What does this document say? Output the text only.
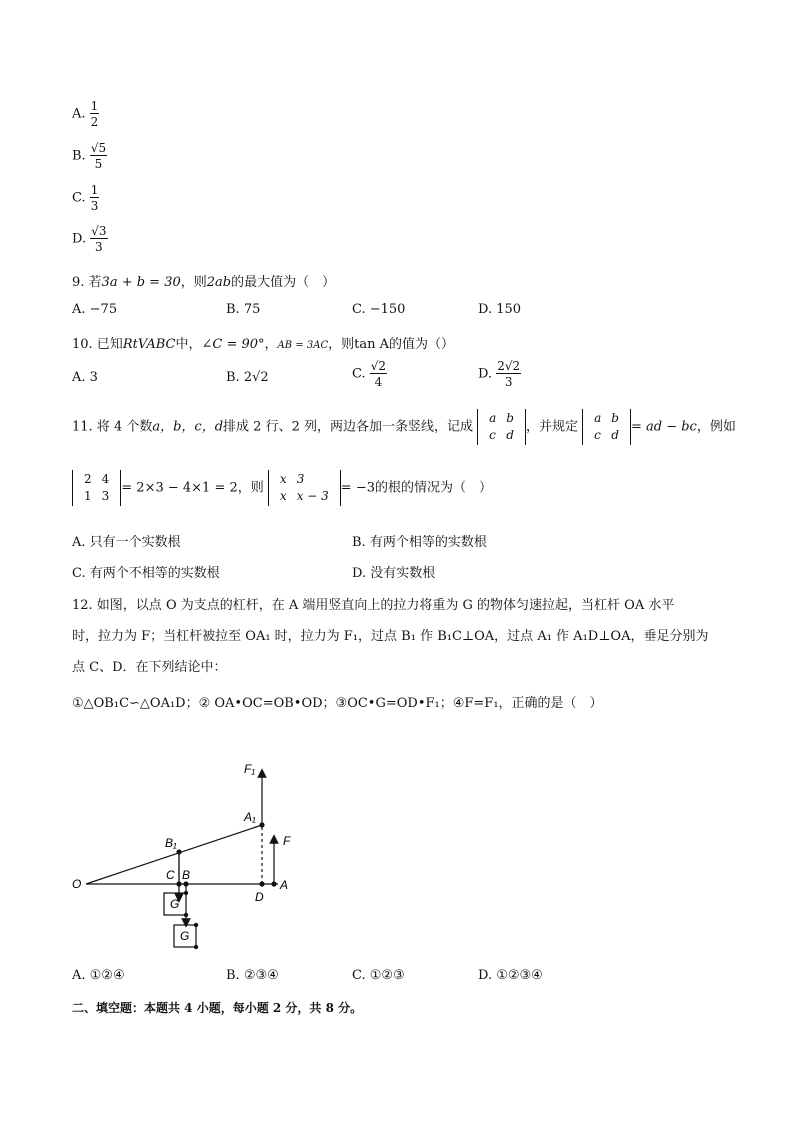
A. $\frac{1}{2}$
B. $\frac{√5}{5}$
C. $\frac{1}{3}$
D. $\frac{√3}{3}$
9. 若3a + b = 30，则2ab的最大值为（　）
A. −75	B. 75	C. −150	D. 150
10. 已知RtVABC中，∠C = 90°，AB = 3AC，则tan A的值为（）
A. 3	B. 2√2	C. $\frac{√2}{4}$	D. $\frac{2√2}{3}$
11. 将 4 个数a，b，c，d排成 2 行、2 列，两边各加一条竖线，记成
a	b
c	d
，并规定
a	b
c	d
= ad − bc，例如
2	4
1	3
= 2×3 − 4×1 = 2，则
x	3
x	x − 3
= −3的根的情况为（　）
A. 只有一个实数根	B. 有两个相等的实数根
C. 有两个不相等的实数根	D. 没有实数根
12. 如图，以点 O 为支点的杠杆，在 A 端用竖直向上的拉力将重为 G 的物体匀速拉起，当杠杆 OA 水平
时，拉力为 F；当杠杆被拉至 OA₁ 时，拉力为 F₁，过点 B₁ 作 B₁C⊥OA，过点 A₁ 作 A₁D⊥OA，垂足分别为
点 C、D．在下列结论中：
①△OB₁C∽△OA₁D；② OA•OC=OB•OD；③OC•G=OD•F₁；④F=F₁，正确的是（　）
O
C B
D
A
B₁
A₁
F
F₁
G
G
A. ①②④	B. ②③④	C. ①②③	D. ①②③④
二、填空题：本题共 4 小题，每小题 2 分，共 8 分。
